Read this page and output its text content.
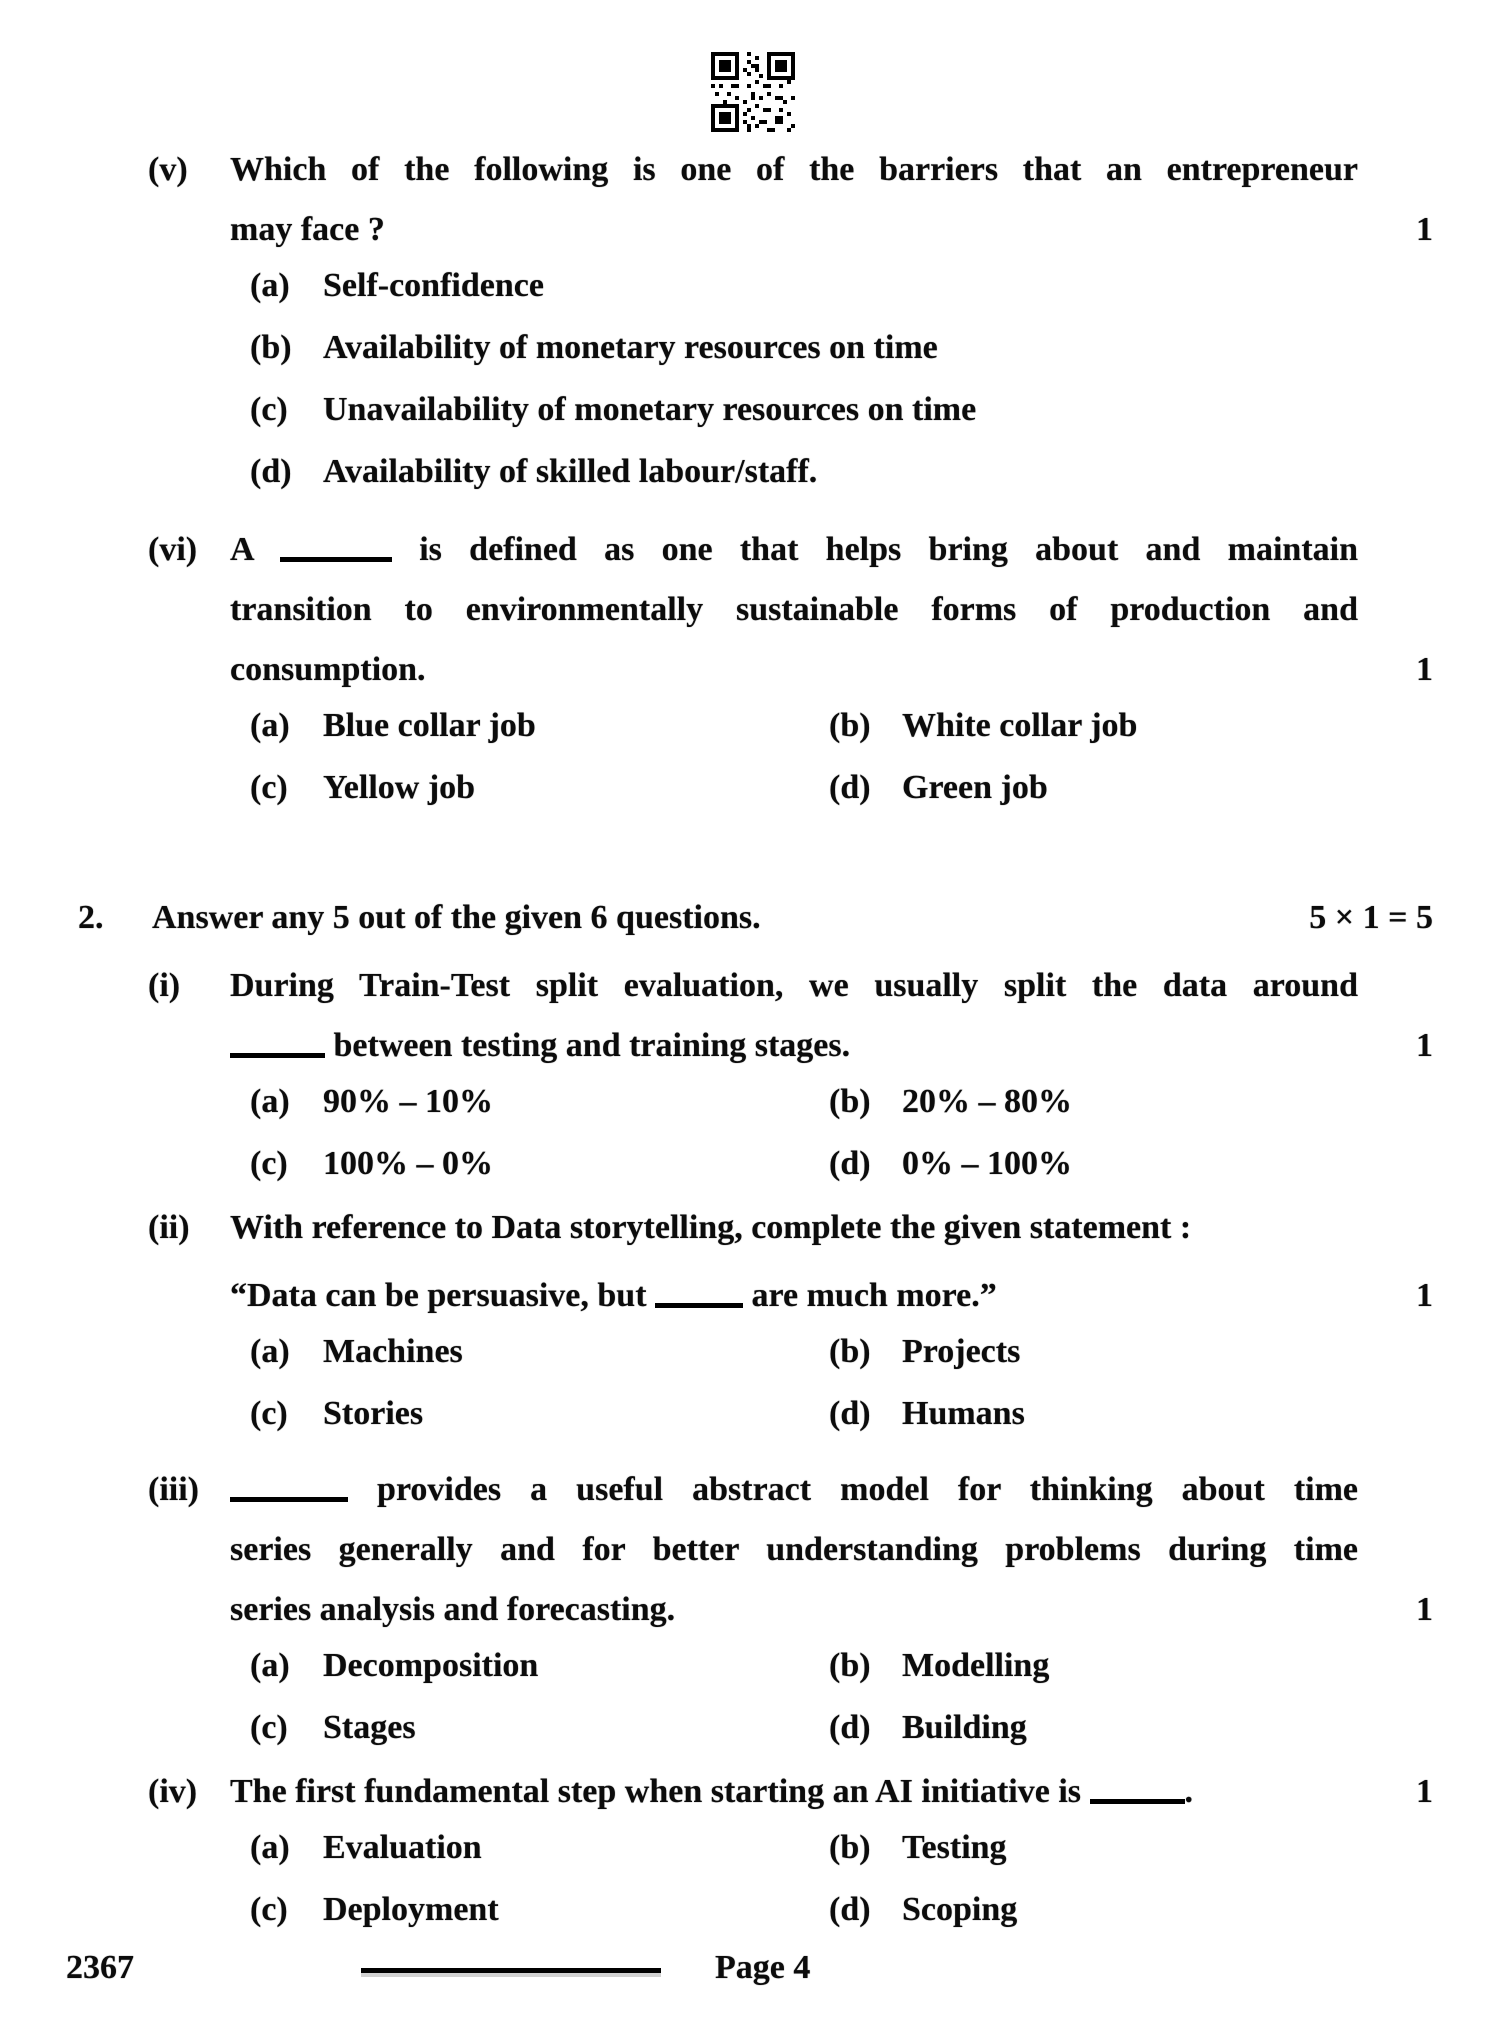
(v)	Which of the following is one of the barriers that an entrepreneur
may face ?	1
(a) Self-confidence
(b) Availability of monetary resources on time
(c)	Unavailability of monetary resources on time
(d) Availability of skilled labour/staff.
(vi) A	is defined as one that helps bring about and maintain
transition to environmentally sustainable forms of production and
consumption.	1
(a) Blue collar job	(b) White collar job
(c)	Yellow job	(d) Green job
2.	Answer any 5 out of the given 6 questions.	5 × 1 = 5
(i)	During Train-Test split evaluation, we usually split the data around
between testing and training stages.	1
(a) 90% – 10%	(b) 20% – 80%
(c)	100% – 0%	(d) 0% – 100%
(ii)	With reference to Data storytelling, complete the given statement :
“Data can be persuasive, but	are much more.”	1
(a) Machines	(b) Projects
(c)	Stories	(d) Humans
(iii)	provides a useful abstract model for thinking about time
series generally and for better understanding problems during time
series analysis and forecasting.	1
(a) Decomposition	(b) Modelling
(c)	Stages	(d) Building
(iv) The first fundamental step when starting an AI initiative is	.	1
(a) Evaluation	(b) Testing
(c)	Deployment	(d) Scoping
2367	Page 4
